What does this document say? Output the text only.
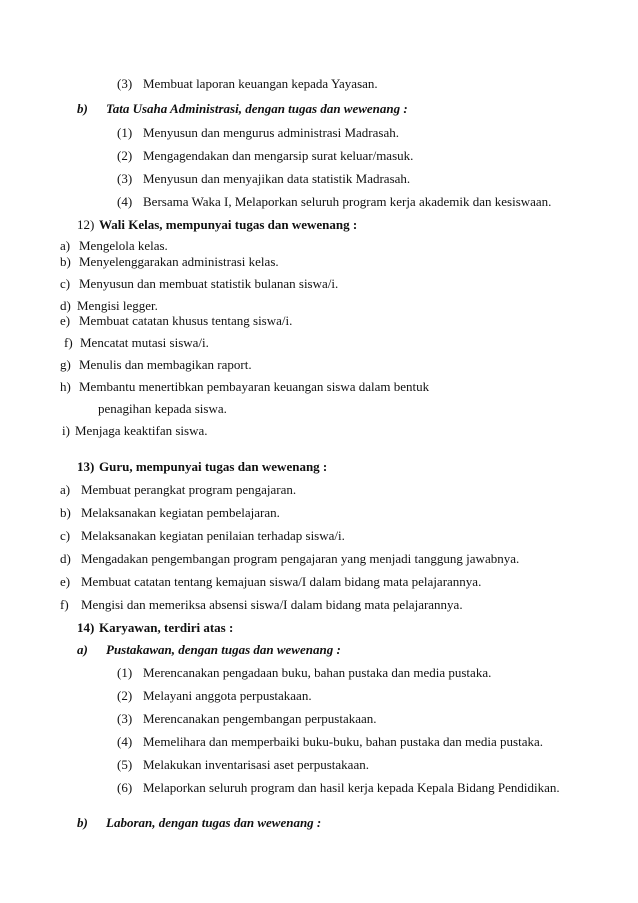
(3) Membuat laporan keuangan kepada Yayasan.
b) Tata Usaha Administrasi, dengan tugas dan wewenang :
(1) Menyusun dan mengurus administrasi Madrasah.
(2) Mengagendakan dan mengarsip surat keluar/masuk.
(3) Menyusun dan menyajikan data statistik Madrasah.
(4) Bersama Waka I, Melaporkan seluruh program kerja akademik dan kesiswaan.
12) Wali Kelas, mempunyai tugas dan wewenang :
a) Mengelola kelas.
b) Menyelenggarakan administrasi kelas.
c) Menyusun dan membuat statistik bulanan siswa/i.
d) Mengisi legger.
e) Membuat catatan khusus tentang siswa/i.
f) Mencatat mutasi siswa/i.
g) Menulis dan membagikan raport.
h) Membantu menertibkan pembayaran keuangan siswa dalam bentuk
penagihan kepada siswa.
i) Menjaga keaktifan siswa.
13) Guru, mempunyai tugas dan wewenang :
a) Membuat perangkat program pengajaran.
b) Melaksanakan kegiatan pembelajaran.
c) Melaksanakan kegiatan penilaian terhadap siswa/i.
d) Mengadakan pengembangan program pengajaran yang menjadi tanggung jawabnya.
e) Membuat catatan tentang kemajuan siswa/I dalam bidang mata pelajarannya.
f) Mengisi dan memeriksa absensi siswa/I dalam bidang mata pelajarannya.
14) Karyawan, terdiri atas :
a) Pustakawan, dengan tugas dan wewenang :
(1) Merencanakan pengadaan buku, bahan pustaka dan media pustaka.
(2) Melayani anggota perpustakaan.
(3) Merencanakan pengembangan perpustakaan.
(4) Memelihara dan memperbaiki buku-buku, bahan pustaka dan media pustaka.
(5) Melakukan inventarisasi aset perpustakaan.
(6) Melaporkan seluruh program dan hasil kerja kepada Kepala Bidang Pendidikan.
b) Laboran, dengan tugas dan wewenang :
